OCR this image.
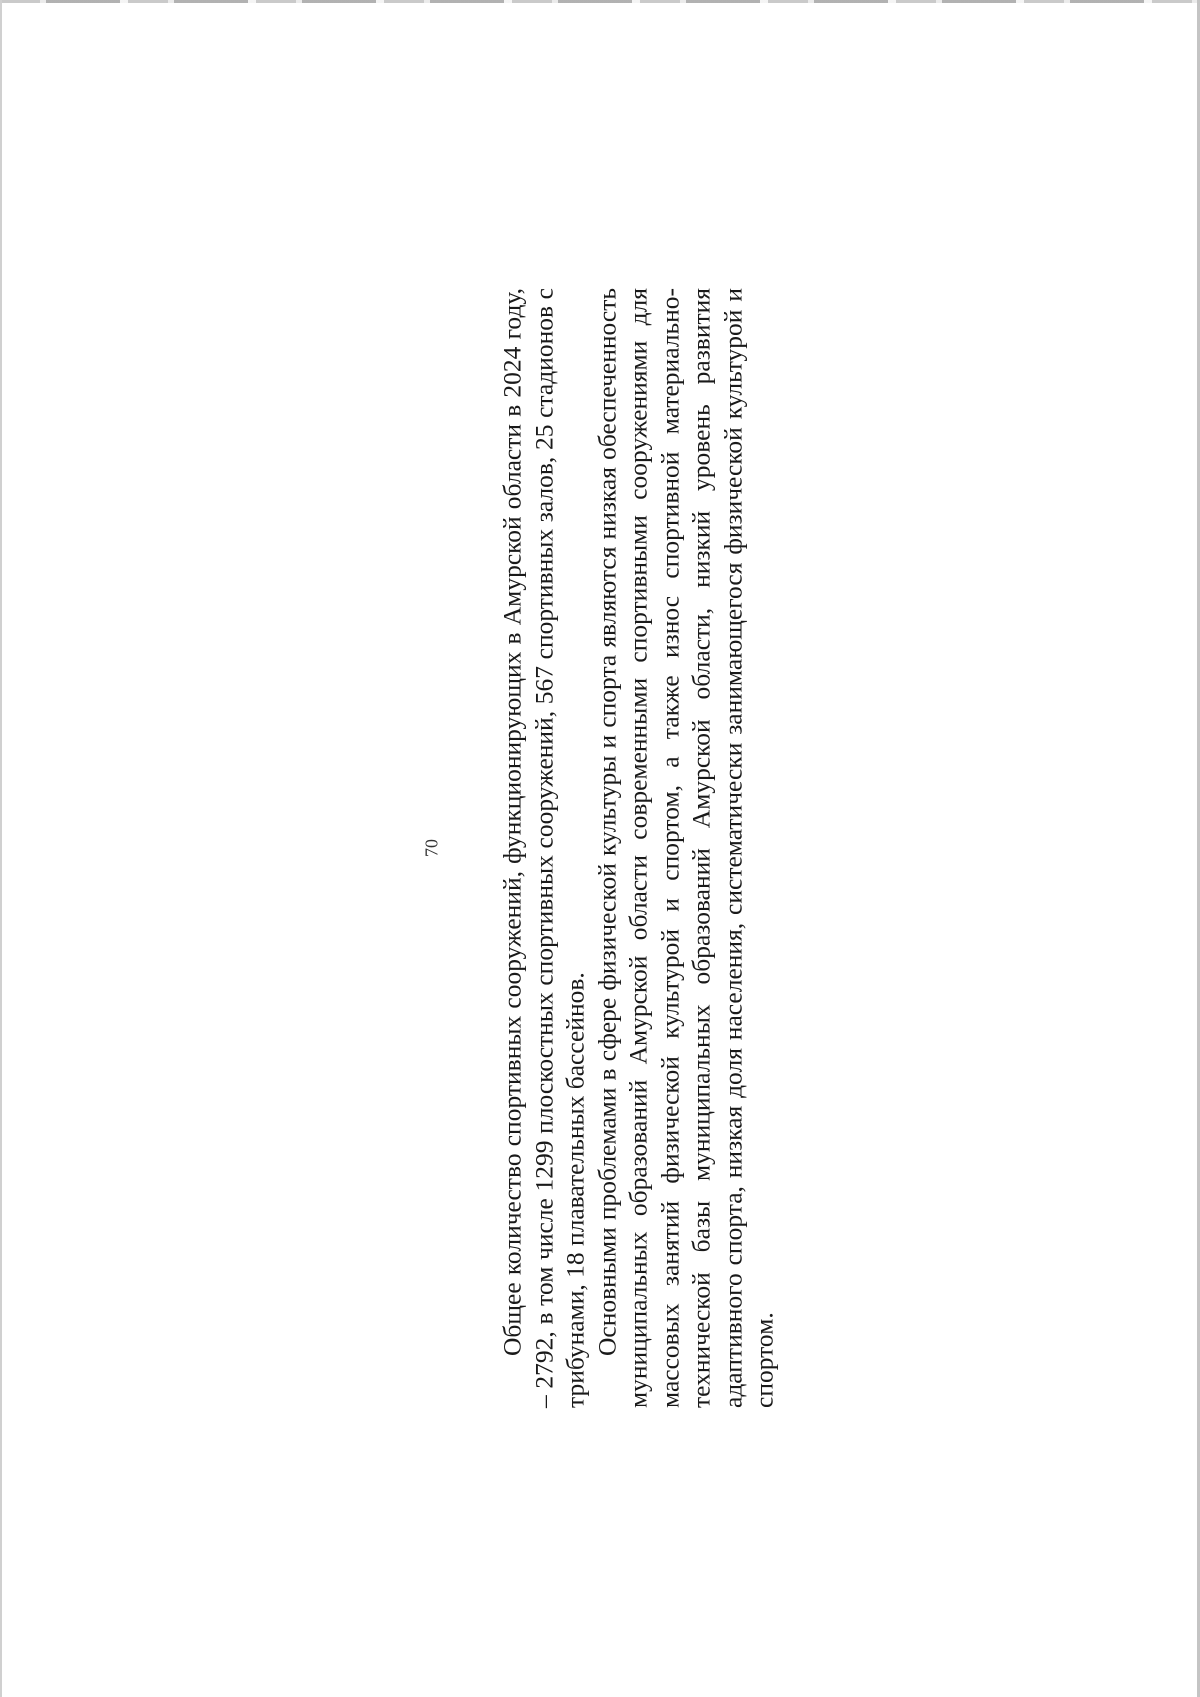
70 Общее количество спортивных сооружений, функционирующих в Амурской области в 2024 году, – 2792, в том числе 1299 плоскостных спортивных сооружений, 567 спортивных залов, 25 стадионов с трибунами, 18 плавательных бассейнов. Основными проблемами в сфере физической культуры и спорта являются низкая обеспеченность муниципальных образований Амурской области современными спортивными сооружениями для массовых занятий физической культурой и спортом, а также износ спортивной материально-технической базы муниципальных образований Амурской области, низкий уровень развития адаптивного спорта, низкая доля населения, систематически занимающегося физической культурой и спортом.
